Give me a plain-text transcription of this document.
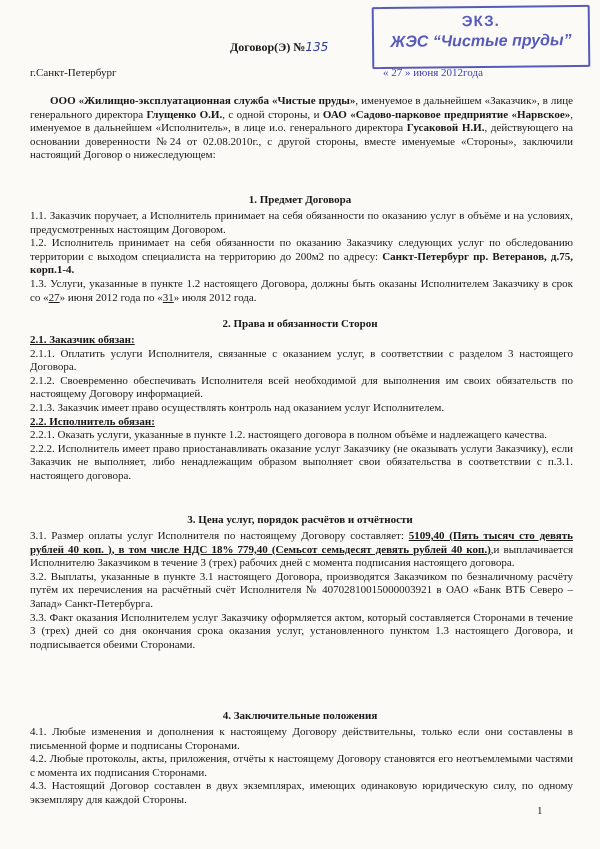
ЭКЗ.
ЖЭС “Чистые пруды”
Договор(Э) №135
г.Санкт-Петербург	« 27 » июня 2012года
ООО «Жилищно-эксплуатационная служба «Чистые пруды», именуемое в дальнейшем «Заказчик», в лице генерального директора Глущенко О.И., с одной стороны, и ОАО «Садово-парковое предприятие «Нарвское», именуемое в дальнейшем «Исполнитель», в лице и.о. генерального директора Гусаковой Н.И., действующего на основании доверенности №24 от 02.08.2010г., с другой стороны, вместе именуемые «Стороны», заключили настоящий Договор о нижеследующем:
1. Предмет Договора

1.1. Заказчик поручает, а Исполнитель принимает на себя обязанности по оказанию услуг в объёме и на условиях, предусмотренных настоящим Договором.

1.2. Исполнитель принимает на себя обязанности по оказанию Заказчику следующих услуг по обследованию территории с выходом специалиста на территорию до 200м2 по адресу: Санкт-Петербург пр. Ветеранов, д.75, корп.1-4.

1.3. Услуги, указанные в пункте 1.2 настоящего Договора, должны быть оказаны Исполнителем Заказчику в срок со «27» июня 2012 года по «31» июля 2012 года.

2. Права и обязанности Сторон

2.1. Заказчик обязан:

2.1.1. Оплатить услуги Исполнителя, связанные с оказанием услуг, в соответствии с разделом 3 настоящего Договора.

2.1.2. Своевременно обеспечивать Исполнителя всей необходимой для выполнения им своих обязательств по настоящему Договору информацией.

2.1.3. Заказчик имеет право осуществлять контроль над оказанием услуг Исполнителем.

2.2. Исполнитель обязан:

2.2.1. Оказать услуги, указанные в пункте 1.2. настоящего договора в полном объёме и надлежащего качества.

2.2.2. Исполнитель имеет право приостанавливать оказание услуг Заказчику (не оказывать услуги Заказчику), если Заказчик не выполняет, либо ненадлежащим образом выполняет свои обязательства в соответствии с п.3.1. настоящего договора.

3. Цена услуг, порядок расчётов и отчётности

3.1. Размер оплаты услуг Исполнителя по настоящему Договору составляет: 5109,40 (Пять тысяч сто девять рублей 40 коп. ), в том числе НДС 18% 779,40 (Семьсот семьдесят девять рублей 40 коп.),и выплачивается Исполнителю Заказчиком в течение 3 (трех) рабочих дней с момента подписания настоящего договора.

3.2. Выплаты, указанные в пункте 3.1 настоящего Договора, производятся Заказчиком по безналичному расчёту путём их перечисления на расчётный счёт Исполнителя № 40702810015000003921 в ОАО «Банк ВТБ Северо – Запад» Санкт-Петербурга.

3.3. Факт оказания Исполнителем услуг Заказчику оформляется актом, который составляется Сторонами в течение 3 (трех) дней со дня окончания срока оказания услуг, установленного пунктом 1.3 настоящего Договора, и подписывается обеими Сторонами.

4. Заключительные положения

4.1. Любые изменения и дополнения к настоящему Договору действительны, только если они составлены в письменной форме и подписаны Сторонами.

4.2. Любые протоколы, акты, приложения, отчёты к настоящему Договору становятся его неотъемлемыми частями с момента их подписания Сторонами.

4.3. Настоящий Договор составлен в двух экземплярах, имеющих одинаковую юридическую силу, по одному экземпляру для каждой Стороны.

1
